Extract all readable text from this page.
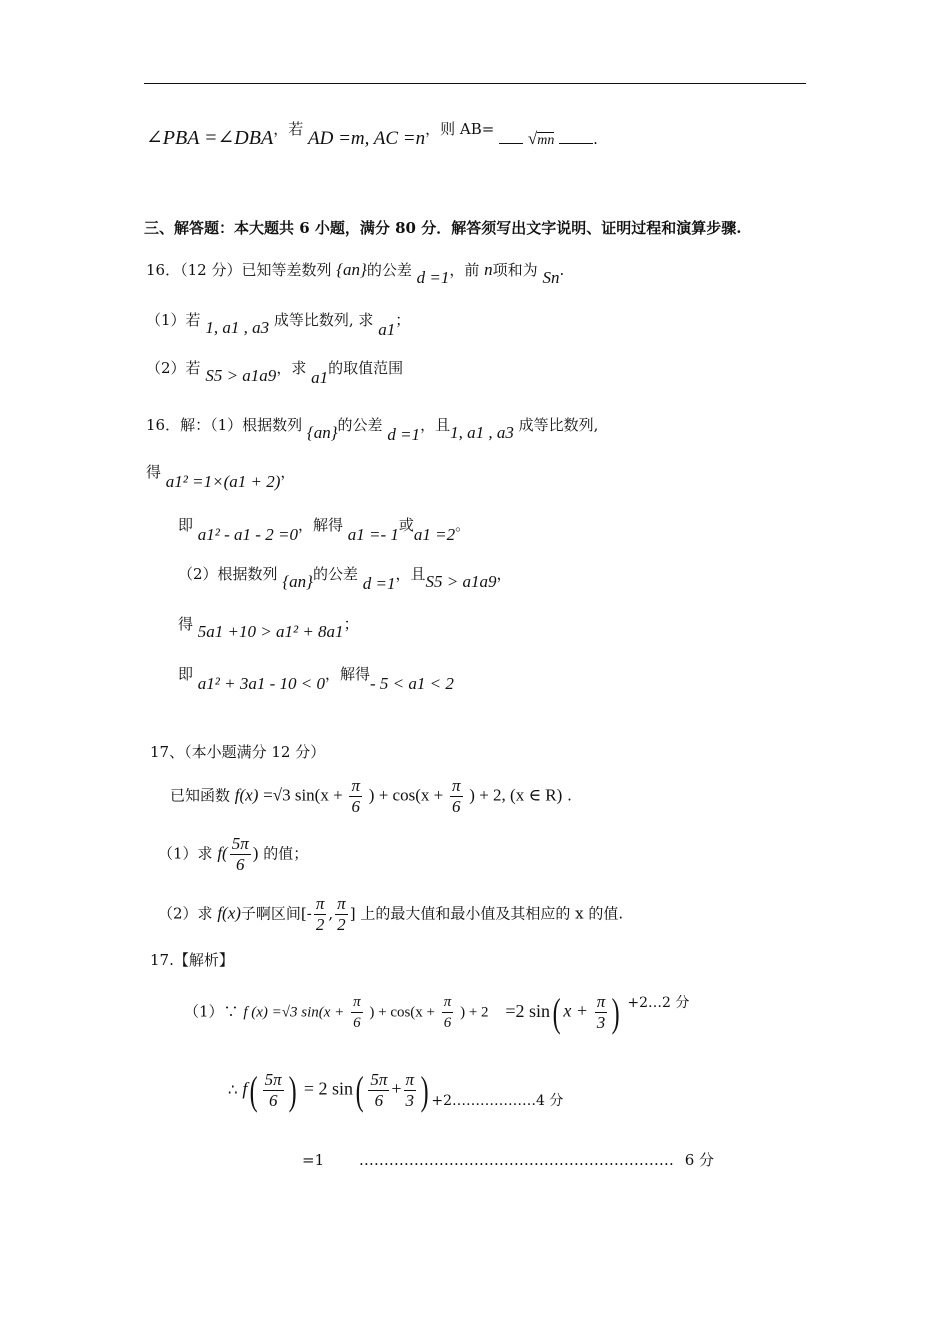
∠PBA =∠DBA，若 AD =m, AC =n，则 AB= √mn	.
三、解答题：本大题共 6 小题，满分 80 分．解答须写出文字说明、证明过程和演算步骤.
16．（12 分）已知等差数列 {an}的公差 d =1，前 n项和为 Sn.
（1）若 1, a1 , a3 成等比数列, 求 a1；
（2）若 S5 > a1a9，求 a1的取值范围
16．解：（1）根据数列 {an}的公差 d =1，且1, a1 , a3 成等比数列,
得 a1² =1×(a1 + 2)，
即 a1² - a1 - 2 =0，解得 a1 =- 1或a1 =2。
（2）根据数列 {an}的公差 d =1，且S5 > a1a9，
得 5a1 +10 > a1² + 8a1；
即 a1² + 3a1 - 10 < 0，解得- 5 < a1 < 2
17、（本小题满分 12 分）
已知函数 f(x) =√3 $\sin(x + \frac{\pi}{6}$ ) + $\cos(x + \frac{\pi}{6}$ ) + 2, (x ∈ R) .
（1）求 $f( \frac{5\pi}{6}$ ) 的值；
（2）求 f(x)子啊区间[- $\frac{\pi}{2}$ , $\frac{\pi}{2}$ ] 上的最大值和最小值及其相应的 x 的值.
17.【解析】
（1）∵ f (x) =√3 $\sin(x + \frac{\pi}{6}$ ) + $\cos(x + \frac{\pi}{6}$ ) + 2 =2 sin( $x + \frac{\pi}{3}$ ) +2…2 分
∴ $f( \frac{5\pi}{6}$ ) = 2 $\sin( \frac{5\pi}{6} + \frac{\pi}{3}$ ) +2………………4 分
=1 ……………………………………………………… 6 分
